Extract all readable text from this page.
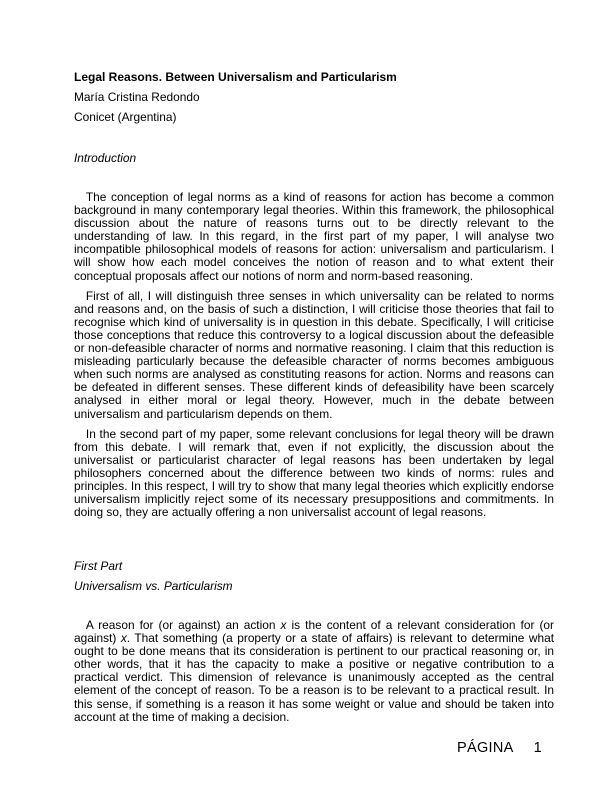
Legal Reasons. Between Universalism and Particularism
María Cristina Redondo
Conicet (Argentina)
Introduction

 The conception of legal norms as a kind of reasons for action has become a common background in many contemporary legal theories. Within this framework, the philosophical discussion about the nature of reasons turns out to be directly relevant to the understanding of law. In this regard, in the first part of my paper, I will analyse two incompatible philosophical models of reasons for action: universalism and particularism. I will show how each model conceives the notion of reason and to what extent their conceptual proposals affect our notions of norm and norm-based reasoning.

 First of all, I will distinguish three senses in which universality can be related to norms and reasons and, on the basis of such a distinction, I will criticise those theories that fail to recognise which kind of universality is in question in this debate. Specifically, I will criticise those conceptions that reduce this controversy to a logical discussion about the defeasible or non-defeasible character of norms and normative reasoning. I claim that this reduction is misleading particularly because the defeasible character of norms becomes ambiguous when such norms are analysed as constituting reasons for action. Norms and reasons can be defeated in different senses. These different kinds of defeasibility have been scarcely analysed in either moral or legal theory. However, much in the debate between universalism and particularism depends on them.

 In the second part of my paper, some relevant conclusions for legal theory will be drawn from this debate. I will remark that, even if not explicitly, the discussion about the universalist or particularist character of legal reasons has been undertaken by legal philosophers concerned about the difference between two kinds of norms: rules and principles. In this respect, I will try to show that many legal theories which explicitly endorse universalism implicitly reject some of its necessary presuppositions and commitments. In doing so, they are actually offering a non universalist account of legal reasons.

First Part
Universalism vs. Particularism

 A reason for (or against) an action x is the content of a relevant consideration for (or against) x. That something (a property or a state of affairs) is relevant to determine what ought to be done means that its consideration is pertinent to our practical reasoning or, in other words, that it has the capacity to make a positive or negative contribution to a practical verdict. This dimension of relevance is unanimously accepted as the central element of the concept of reason. To be a reason is to be relevant to a practical result. In this sense, if something is a reason it has some weight or value and should be taken into account at the time of making a decision.

PÁGINA 1
